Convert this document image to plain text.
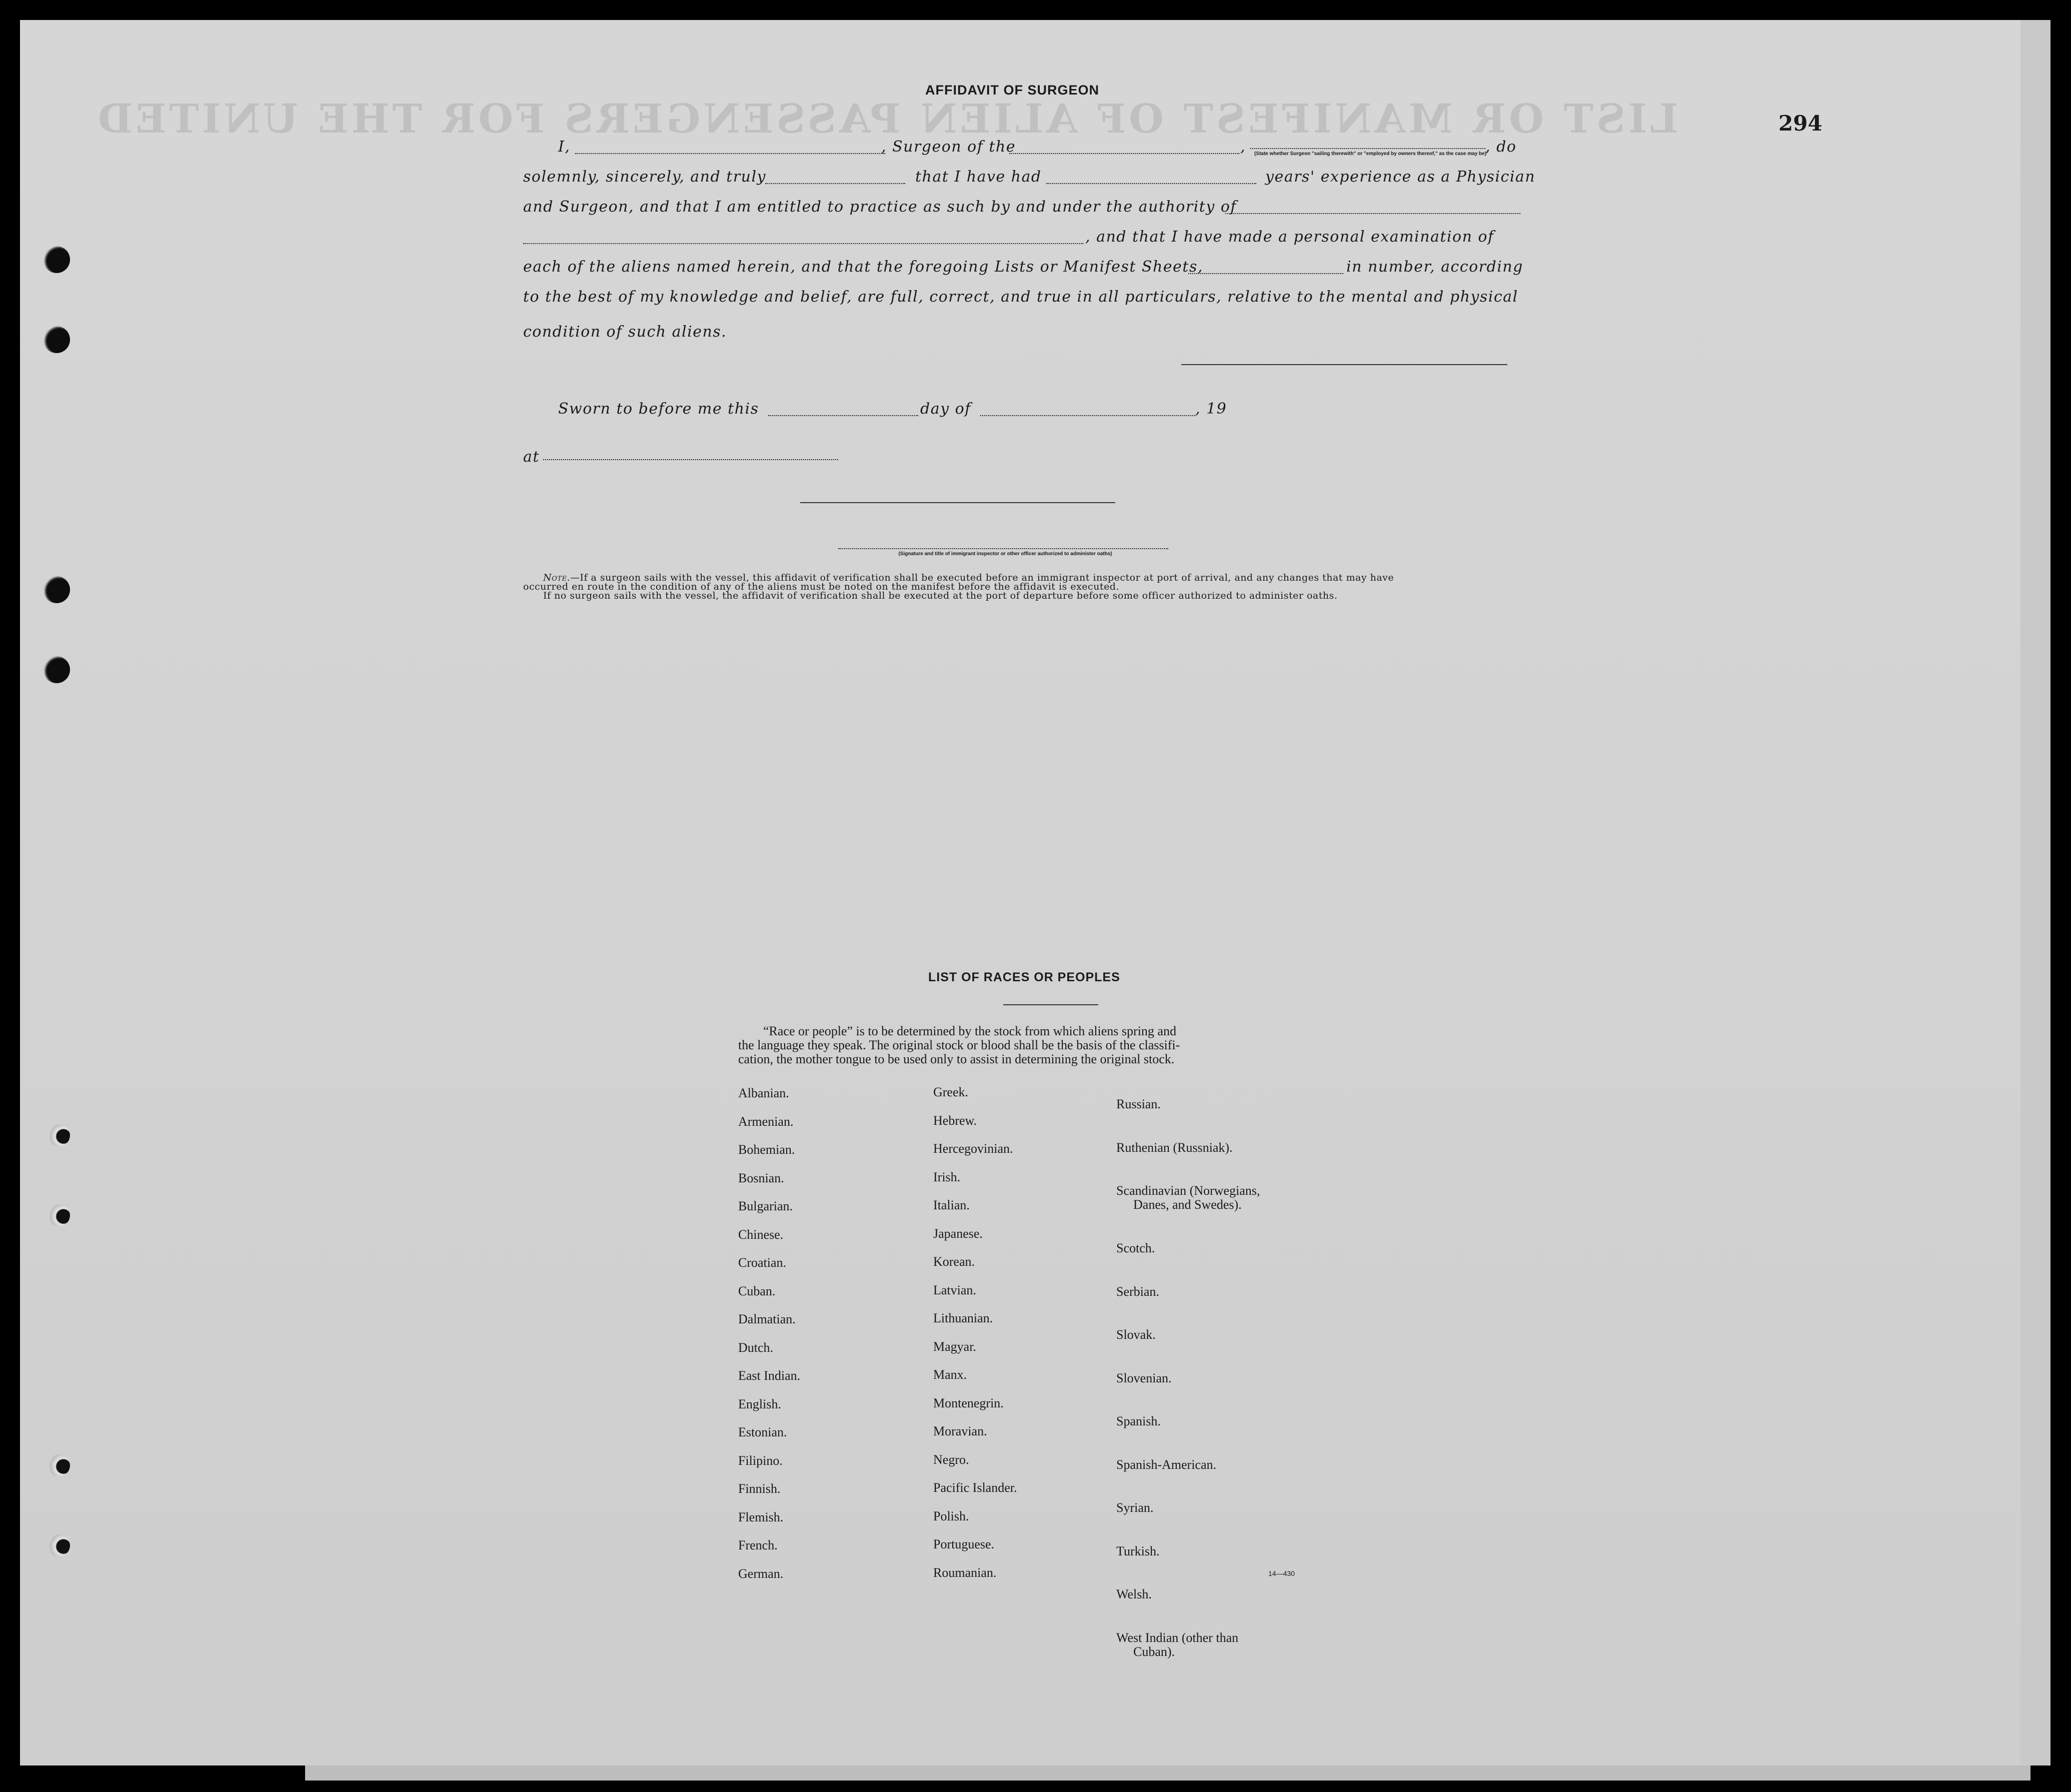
LIST OR MANIFEST OF ALIEN PASSENGERS FOR THE UNITED	294
AFFIDAVIT OF SURGEON
I,	, Surgeon of the	,	(State whether Surgeon "sailing therewith" or "employed by owners thereof," as the case may be)
, do
solemnly, sincerely, and truly	that I have had	years' experience as a Physician
and Surgeon, and that I am entitled to practice as such by and under the authority of
, and that I have made a personal examination of
each of the aliens named herein, and that the foregoing Lists or Manifest Sheets,	in number, according
to the best of my knowledge and belief, are full, correct, and true in all particulars, relative to the mental and physical
condition of such aliens.
Sworn to before me this	day of	, 19
at
(Signature and title of immigrant inspector or other officer authorized to administer oaths)
Note.—If a surgeon sails with the vessel, this affidavit of verification shall be executed before an immigrant inspector at port of arrival, and any changes that may have
occurred en route in the condition of any of the aliens must be noted on the manifest before the affidavit is executed.
If no surgeon sails with the vessel, the affidavit of verification shall be executed at the port of departure before some officer authorized to administer oaths.
LIST OF RACES OR PEOPLES
“Race or people” is to be determined by the stock from which aliens spring and
the language they speak. The original stock or blood shall be the basis of the classifi-
cation, the mother tongue to be used only to assist in determining the original stock.
Albanian.
Armenian.
Bohemian.
Bosnian.
Bulgarian.
Chinese.
Croatian.
Cuban.
Dalmatian.
Dutch.
East Indian.
English.
Estonian.
Filipino.
Finnish.
Flemish.
French.
German.
Greek.
Hebrew.
Hercegovinian.
Irish.
Italian.
Japanese.
Korean.
Latvian.
Lithuanian.
Magyar.
Manx.
Montenegrin.
Moravian.
Negro.
Pacific Islander.
Polish.
Portuguese.
Roumanian.

Russian.

Ruthenian (Russniak).

Scandinavian (Norwegians,
Danes, and Swedes).

Scotch.

Serbian.

Slovak.

Slovenian.

Spanish.

Spanish-American.

Syrian.

Turkish.

Welsh.

West Indian (other than
Cuban).

14—430
